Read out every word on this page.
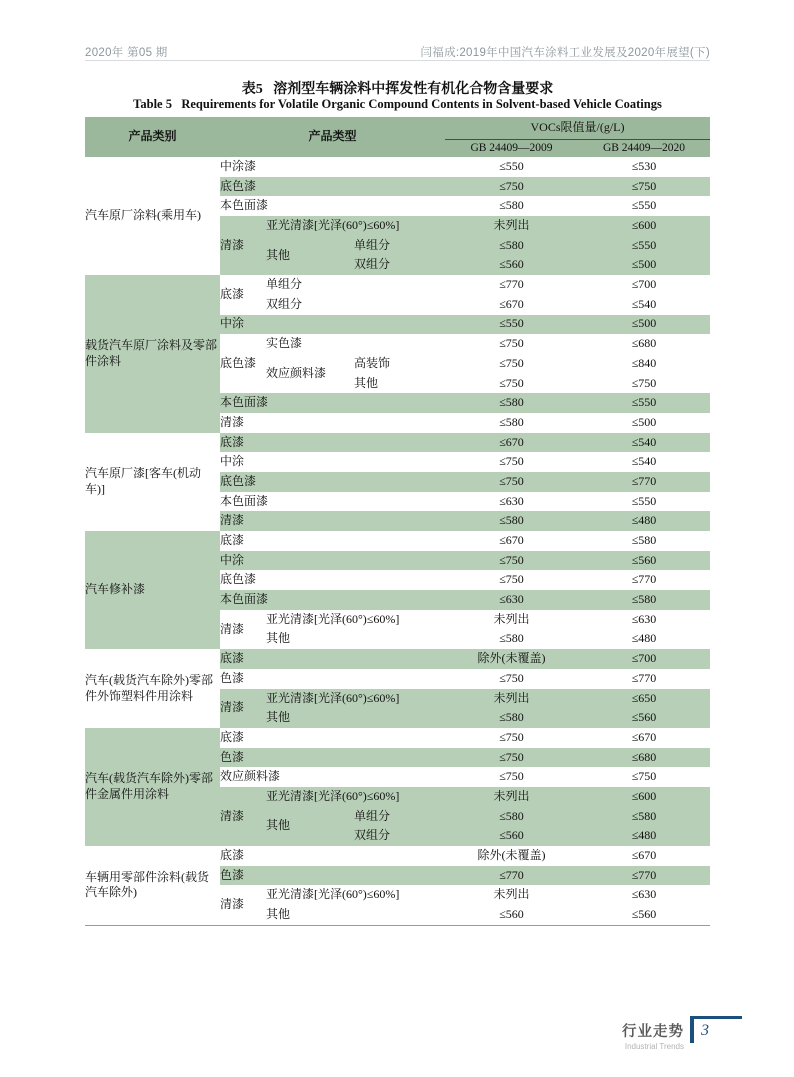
2020年 第05 期	闫福成:2019年中国汽车涂料工业发展及2020年展望(下)
表5   溶剂型车辆涂料中挥发性有机化合物含量要求
Table 5   Requirements for Volatile Organic Compound Contents in Solvent-based Vehicle Coatings
产品类别	产品类型			VOCs限值量/(g/L)	
				GB 24409—2009	GB 24409—2020
汽车原厂涂料(乘用车)	中涂漆			≤550	≤530
	底色漆			≤750	≤750
	本色面漆			≤580	≤550
	清漆	亚光清漆[光泽(60°)≤60%]		未列出	≤600
		其他	单组分	≤580	≤550
			双组分	≤560	≤500
载货汽车原厂涂料及零部件涂料	底漆	单组分		≤770	≤700
		双组分		≤670	≤540
	中涂			≤550	≤500
	底色漆	实色漆		≤750	≤680
		效应颜料漆	高装饰	≤750	≤840
			其他	≤750	≤750
	本色面漆			≤580	≤550
	清漆			≤580	≤500
汽车原厂漆[客车(机动车)]	底漆			≤670	≤540
	中涂			≤750	≤540
	底色漆			≤750	≤770
	本色面漆			≤630	≤550
	清漆			≤580	≤480
汽车修补漆	底漆			≤670	≤580
	中涂			≤750	≤560
	底色漆			≤750	≤770
	本色面漆			≤630	≤580
	清漆	亚光清漆[光泽(60°)≤60%]		未列出	≤630
		其他		≤580	≤480
汽车(载货汽车除外)零部件外饰塑料件用涂料	底漆			除外(未覆盖)	≤700
	色漆			≤750	≤770
	清漆	亚光清漆[光泽(60°)≤60%]		未列出	≤650
		其他		≤580	≤560
汽车(载货汽车除外)零部件金属件用涂料	底漆			≤750	≤670
	色漆			≤750	≤680
	效应颜料漆			≤750	≤750
	清漆	亚光清漆[光泽(60°)≤60%]		未列出	≤600
		其他	单组分	≤580	≤580
			双组分	≤560	≤480
车辆用零部件涂料(载货汽车除外)	底漆			除外(未覆盖)	≤670
	色漆			≤770	≤770
	清漆	亚光清漆[光泽(60°)≤60%]		未列出	≤630
		其他		≤560	≤560
行业走势
Industrial Trends
3
